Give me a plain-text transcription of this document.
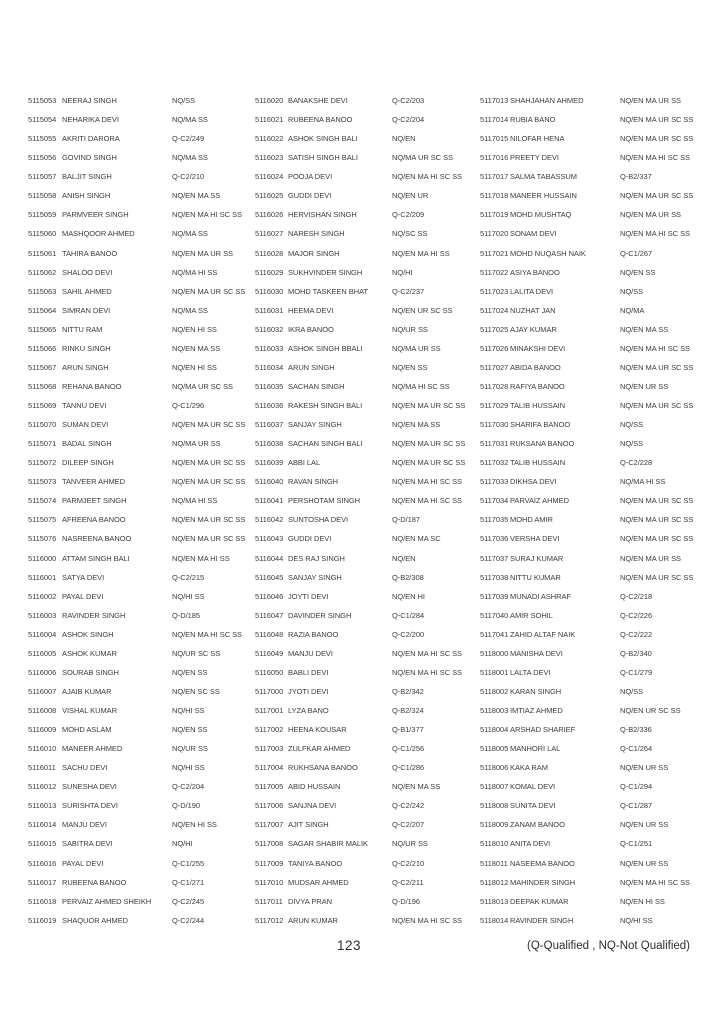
5115053 NEERAJ SINGH	NQ/SS
5115054 NEHARIKA DEVI	NQ/MA SS
5115055 AKRITI DARORA	Q-C2/249
5115056 GOVIND SINGH	NQ/MA SS
5115057 BALJIT SINGH	Q-C2/210
5115058 ANISH SINGH	NQ/EN MA SS
5115059 PARMVEER SINGH	NQ/EN MA HI SC SS
5115060 MASHQOOR AHMED	NQ/MA SS
5115061 TAHIRA BANOO	NQ/EN MA UR SS
5115062 SHALOO DEVI	NQ/MA HI SS
5115063 SAHIL AHMED	NQ/EN MA UR SC SS
5115064 SIMRAN DEVI	NQ/MA SS
5115065 NITTU RAM	NQ/EN HI SS
5115066 RINKU SINGH	NQ/EN MA SS
5115067 ARUN SINGH	NQ/EN HI SS
5115068 REHANA BANOO	NQ/MA UR SC SS
5115069 TANNU DEVI	Q-C1/296
5115070 SUMAN DEVI	NQ/EN MA UR SC SS
5115071 BADAL SINGH	NQ/MA UR SS
5115072 DILEEP SINGH	NQ/EN MA UR SC SS
5115073 TANVEER AHMED	NQ/EN MA UR SC SS
5115074 PARMJEET SINGH	NQ/MA HI SS
5115075 AFREENA BANOO	NQ/EN MA UR SC SS
5115076 NASREENA BANOO	NQ/EN MA UR SC SS
5116000 ATTAM SINGH BALI	NQ/EN MA HI SS
5116001 SATYA DEVI	Q-C2/215
5116002 PAYAL DEVI	NQ/HI SS
5116003 RAVINDER SINGH	Q-D/185
5116004 ASHOK SINGH	NQ/EN MA HI SC SS
5116005 ASHOK KUMAR	NQ/UR SC SS
5116006 SOURAB SINGH	NQ/EN SS
5116007 AJAIB KUMAR	NQ/EN SC SS
5116008 VISHAL KUMAR	NQ/HI SS
5116009 MOHD ASLAM	NQ/EN SS
5116010 MANEER AHMED	NQ/UR SS
5116011 SACHU DEVI	NQ/HI SS
5116012 SUNESHA DEVI	Q-C2/204
5116013 SURISHTA DEVI	Q-D/190
5116014 MANJU DEVI	NQ/EN HI SS
5116015 SABITRA DEVI	NQ/HI
5116016 PAYAL DEVI	Q-C1/255
5116017 RUBEENA BANOO	Q-C1/271
5116018 PERVAIZ AHMED SHEIKH	Q-C2/245
5116019 SHAQUOR AHMED	Q-C2/244
5116020 BANAKSHE DEVI	Q-C2/203
5116021 RUBEENA BANOO	Q-C2/204
5116022 ASHOK SINGH BALI	NQ/EN
5116023 SATISH SINGH BALI	NQ/MA UR SC SS
5116024 POOJA DEVI	NQ/EN MA HI SC SS
5116025 GUDDI DEVI	NQ/EN UR
5116026 HERVISHAN SINGH	Q-C2/209
5116027 NARESH SINGH	NQ/SC SS
5116028 MAJOR SINGH	NQ/EN MA HI SS
5116029 SUKHVINDER SINGH	NQ/HI
5116030 MOHD TASKEEN BHAT	Q-C2/237
5116031 HEEMA DEVI	NQ/EN UR SC SS
5116032 IKRA BANOO	NQ/UR SS
5116033 ASHOK SINGH BBALI	NQ/MA UR SS
5116034 ARUN SINGH	NQ/EN SS
5116035 SACHAN SINGH	NQ/MA HI SC SS
5116036 RAKESH SINGH BALI	NQ/EN MA UR SC SS
5116037 SANJAY SINGH	NQ/EN MA SS
5116038 SACHAN SINGH BALI	NQ/EN MA UR SC SS
5116039 ABBI LAL	NQ/EN MA UR SC SS
5116040 RAVAN SINGH	NQ/EN MA HI SC SS
5116041 PERSHOTAM SINGH	NQ/EN MA HI SC SS
5116042 SUNTOSHA DEVI	Q-D/187
5116043 GUDDI DEVI	NQ/EN MA SC
5116044 DES RAJ SINGH	NQ/EN
5116045 SANJAY SINGH	Q-B2/308
5116046 JOYTI DEVI	NQ/EN HI
5116047 DAVINDER SINGH	Q-C1/284
5116048 RAZIA BANOO	Q-C2/200
5116049 MANJU DEVI	NQ/EN MA HI SC SS
5116050 BABLI DEVI	NQ/EN MA HI SC SS
5117000 JYOTI DEVI	Q-B2/342
5117001 LYZA BANO	Q-B2/324
5117002 HEENA KOUSAR	Q-B1/377
5117003 ZULFKAR AHMED	Q-C1/256
5117004 RUKHSANA BANOO	Q-C1/286
5117005 ABID HUSSAIN	NQ/EN MA SS
5117006 SANJNA DEVI	Q-C2/242
5117007 AJIT SINGH	Q-C2/207
5117008 SAGAR SHABIR MALIK	NQ/UR SS
5117009 TANIYA BANOO	Q-C2/210
5117010 MUDSAR AHMED	Q-C2/211
5117011 DIVYA PRAN	Q-D/196
5117012 ARUN KUMAR	NQ/EN MA HI SC SS
5117013 SHAHJAHAN AHMED	NQ/EN MA UR SS
5117014 RUBIA BANO	NQ/EN MA UR SC SS
5117015 NILOFAR HENA	NQ/EN MA UR SC SS
5117016 PREETY DEVI	NQ/EN MA HI SC SS
5117017 SALMA TABASSUM	Q-B2/337
5117018 MANEER HUSSAIN	NQ/EN MA UR SC SS
5117019 MOHD MUSHTAQ	NQ/EN MA UR SS
5117020 SONAM DEVI	NQ/EN MA HI SC SS
5117021 MOHD NUQASH NAIK	Q-C1/267
5117022 ASIYA BANOO	NQ/EN SS
5117023 LALITA DEVI	NQ/SS
5117024 NUZHAT JAN	NQ/MA
5117025 AJAY KUMAR	NQ/EN MA SS
5117026 MINAKSHI DEVI	NQ/EN MA HI SC SS
5117027 ABIDA BANOO	NQ/EN MA UR SC SS
5117028 RAFIYA BANOO	NQ/EN UR SS
5117029 TALIB HUSSAIN	NQ/EN MA UR SC SS
5117030 SHARIFA BANOO	NQ/SS
5117031 RUKSANA BANOO	NQ/SS
5117032 TALIB HUSSAIN	Q-C2/228
5117033 DIKHSA DEVI	NQ/MA HI SS
5117034 PARVAIZ AHMED	NQ/EN MA UR SC SS
5117035 MOHD AMIR	NQ/EN MA UR SC SS
5117036 VERSHA DEVI	NQ/EN MA UR SC SS
5117037 SURAJ KUMAR	NQ/EN MA UR SS
5117038 NITTU KUMAR	NQ/EN MA UR SC SS
5117039 MUNADI ASHRAF	Q-C2/218
5117040 AMIR SOHIL	Q-C2/226
5117041 ZAHID ALTAF NAIK	Q-C2/222
5118000 MANISHA DEVI	Q-B2/340
5118001 LALTA DEVI	Q-C1/279
5118002 KARAN SINGH	NQ/SS
5118003 IMTIAZ AHMED	NQ/EN UR SC SS
5118004 ARSHAD SHARIEF	Q-B2/336
5118005 MANHORI LAL	Q-C1/264
5118006 KAKA RAM	NQ/EN UR SS
5118007 KOMAL DEVI	Q-C1/294
5118008 SUNITA DEVI	Q-C1/287
5118009 ZANAM BANOO	NQ/EN UR SS
5118010 ANITA DEVI	Q-C1/251
5118011 NASEEMA BANOO	NQ/EN UR SS
5118012 MAHINDER SINGH	NQ/EN MA HI SC SS
5118013 DEEPAK KUMAR	NQ/EN HI SS
5118014 RAVINDER SINGH	NQ/HI SS
123	(Q-Qualified , NQ-Not Qualified)
